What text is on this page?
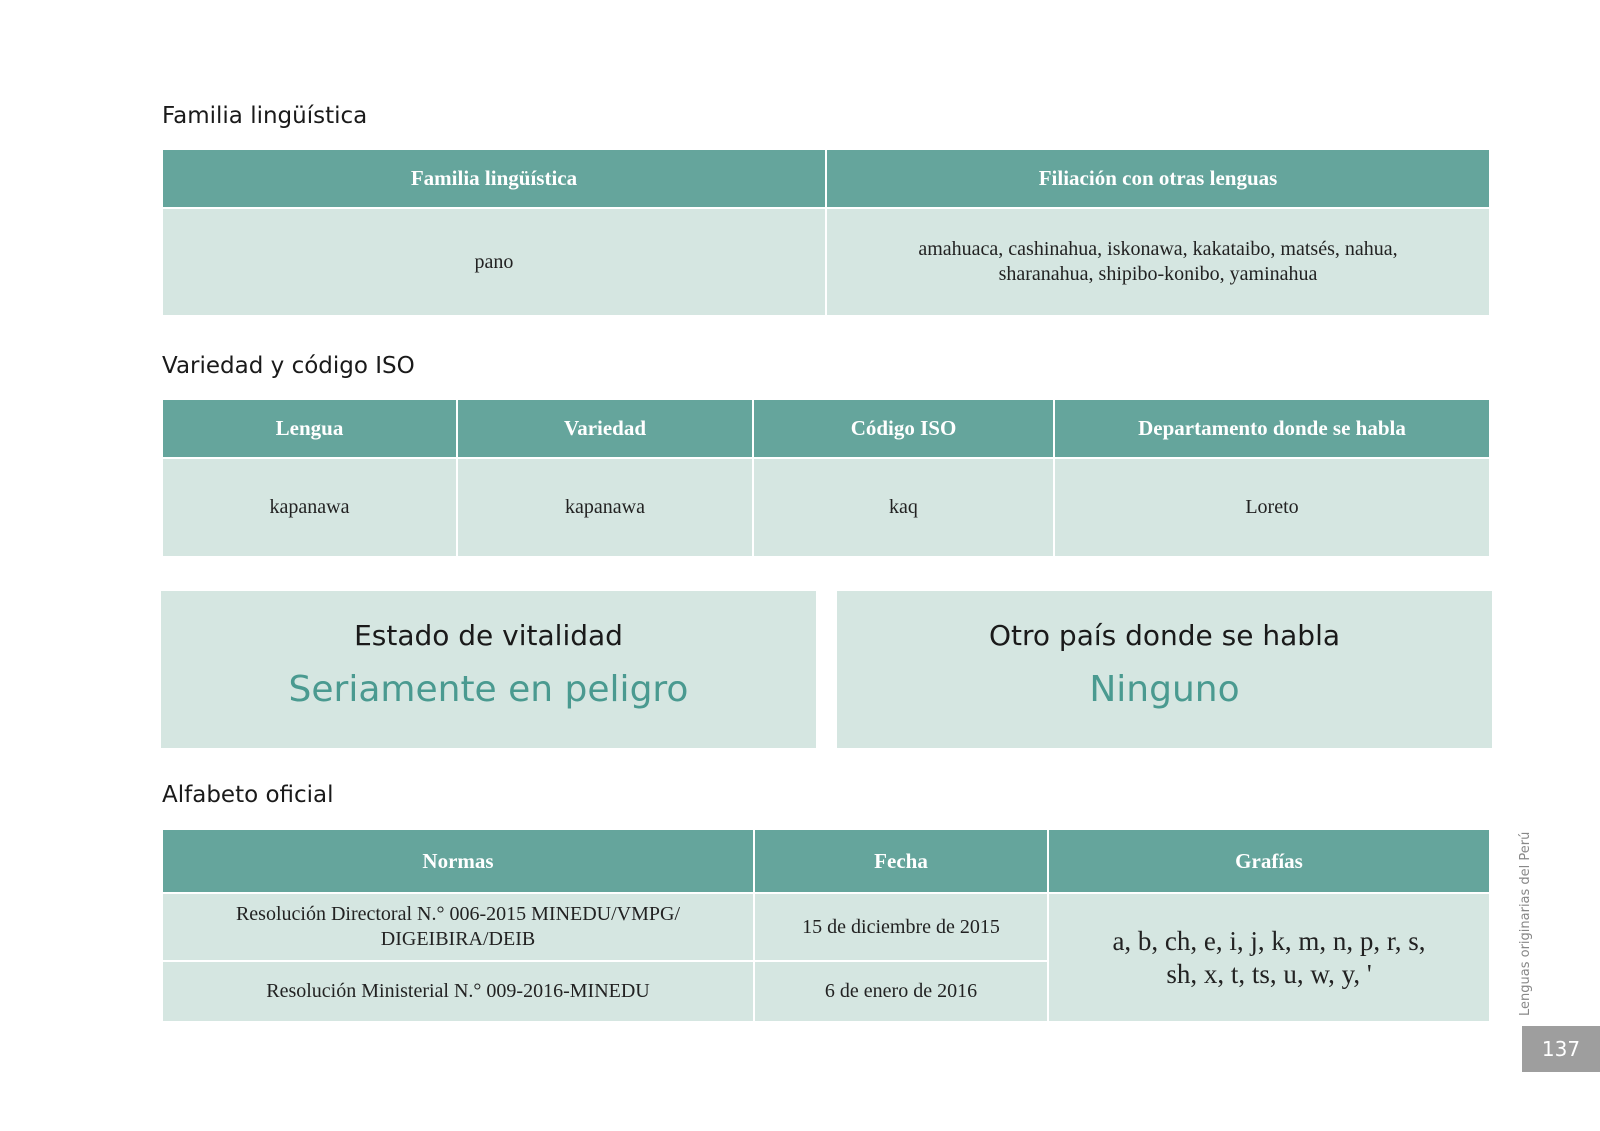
Familia lingüística
Familia lingüística	Filiación con otras lenguas
pano	amahuaca, cashinahua, iskonawa, kakataibo, matsés, nahua, sharanahua, shipibo-konibo, yaminahua
Variedad y código ISO
Lengua	Variedad	Código ISO	Departamento donde se habla
kapanawa	kapanawa	kaq	Loreto
Estado de vitalidad
Seriamente en peligro
Otro país donde se habla
Ninguno
Alfabeto oficial
Normas	Fecha	Grafías
Resolución Directoral N.° 006-2015 MINEDU/VMPG/ DIGEIBIRA/DEIB	15 de diciembre de 2015	a, b, ch, e, i, j, k, m, n, p, r, s, sh, x, t, ts, u, w, y, '
Resolución Ministerial N.° 009-2016-MINEDU	6 de enero de 2016		Lenguas originarias del Perú
137
